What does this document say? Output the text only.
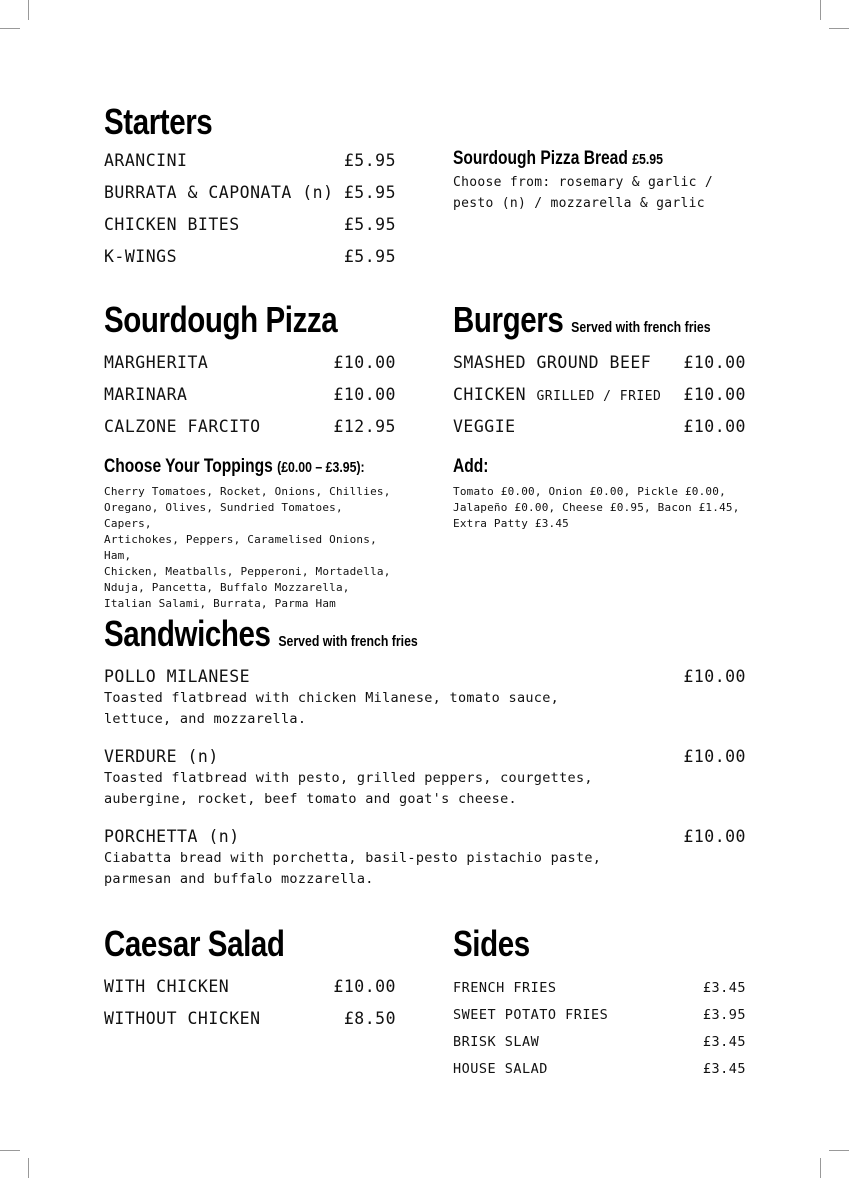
Starters
ARANCINI	£5.95
BURRATA & CAPONATA (n) £5.95
CHICKEN BITES	£5.95
K-WINGS	£5.95
Sourdough Pizza Bread £5.95
Choose from: rosemary & garlic /
pesto (n) / mozzarella & garlic
Sourdough Pizza
MARGHERITA	£10.00
MARINARA	£10.00
CALZONE FARCITO	£12.95
Choose Your Toppings (£0.00 – £3.95):
Cherry Tomatoes, Rocket, Onions, Chillies,
Oregano, Olives, Sundried Tomatoes, Capers,
Artichokes, Peppers, Caramelised Onions, Ham,
Chicken, Meatballs, Pepperoni, Mortadella,
Nduja, Pancetta, Buffalo Mozzarella,
Italian Salami, Burrata, Parma Ham
Burgers Served with french fries
SMASHED GROUND BEEF £10.00
CHICKEN GRILLED / FRIED £10.00
VEGGIE	£10.00
Add:
Tomato £0.00, Onion £0.00, Pickle £0.00,
Jalapeño £0.00, Cheese £0.95, Bacon £1.45,
Extra Patty £3.45
Sandwiches Served with french fries
POLLO MILANESE	£10.00
Toasted flatbread with chicken Milanese, tomato sauce,
lettuce, and mozzarella.
VERDURE (n)	£10.00
Toasted flatbread with pesto, grilled peppers, courgettes,
aubergine, rocket, beef tomato and goat's cheese.
PORCHETTA (n)	£10.00
Ciabatta bread with porchetta, basil-pesto pistachio paste,
parmesan and buffalo mozzarella.
Caesar Salad
WITH CHICKEN	£10.00
WITHOUT CHICKEN	£8.50
Sides
FRENCH FRIES	£3.45
SWEET POTATO FRIES	£3.95
BRISK SLAW	£3.45
HOUSE SALAD	£3.45
